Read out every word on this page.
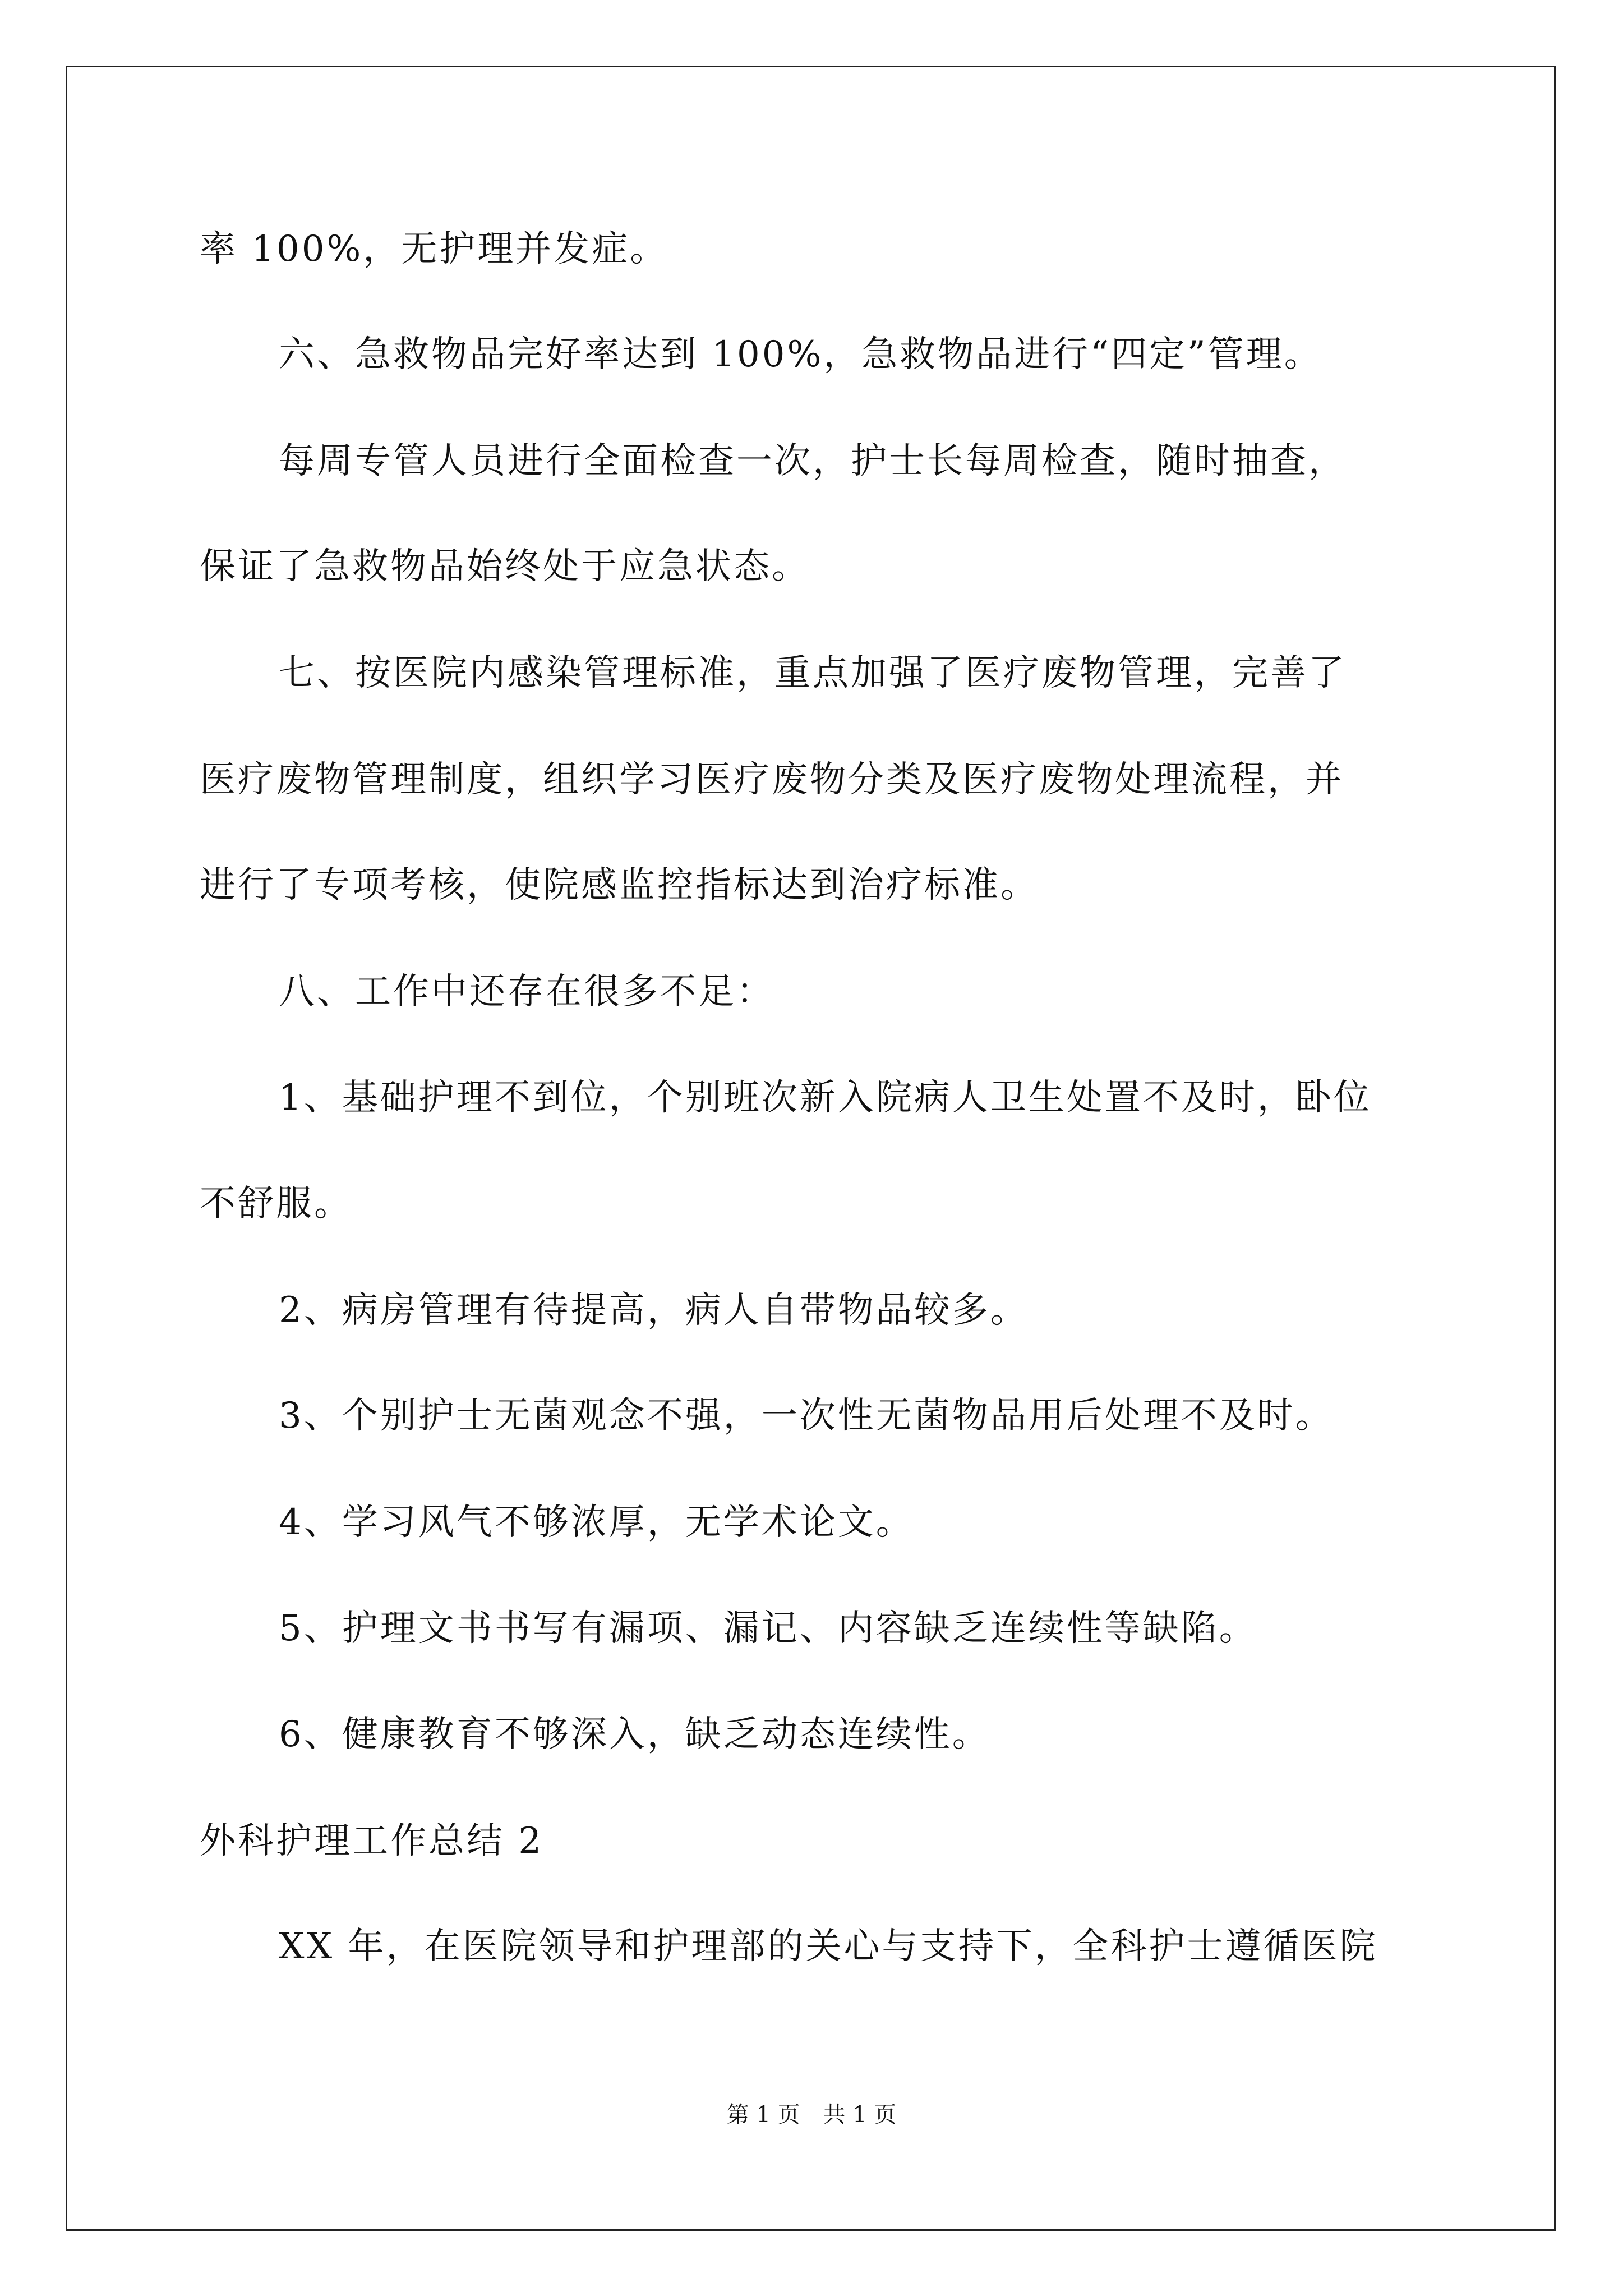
率 100%，无护理并发症。
六、急救物品完好率达到 100%，急救物品进行“四定”管理。
每周专管人员进行全面检查一次，护士长每周检查，随时抽查，
保证了急救物品始终处于应急状态。
七、按医院内感染管理标准，重点加强了医疗废物管理，完善了
医疗废物管理制度，组织学习医疗废物分类及医疗废物处理流程，并
进行了专项考核，使院感监控指标达到治疗标准。
八、工作中还存在很多不足：
1、基础护理不到位，个别班次新入院病人卫生处置不及时，卧位
不舒服。
2、病房管理有待提高，病人自带物品较多。
3、个别护士无菌观念不强，一次性无菌物品用后处理不及时。
4、学习风气不够浓厚，无学术论文。
5、护理文书书写有漏项、漏记、内容缺乏连续性等缺陷。
6、健康教育不够深入，缺乏动态连续性。
外科护理工作总结 2
XX 年，在医院领导和护理部的关心与支持下，全科护士遵循医院
第 1 页 共 1 页
